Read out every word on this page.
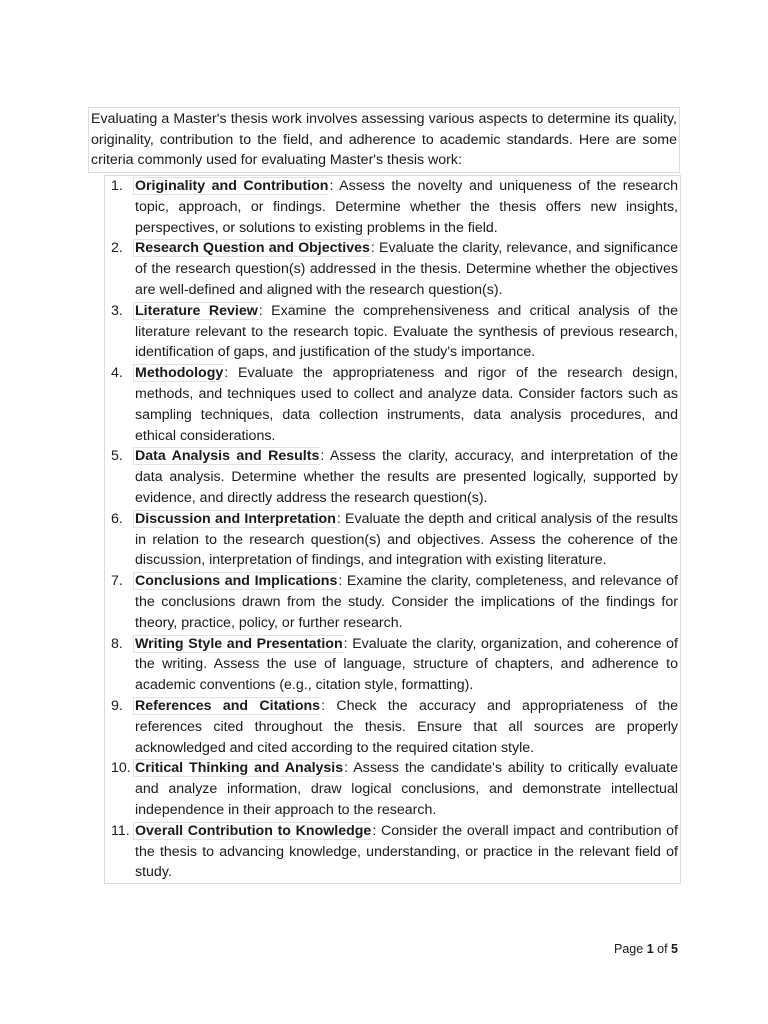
Evaluating a Master's thesis work involves assessing various aspects to determine its quality, originality, contribution to the field, and adherence to academic standards. Here are some criteria commonly used for evaluating Master's thesis work:

1. Originality and Contribution: Assess the novelty and uniqueness of the research topic, approach, or findings. Determine whether the thesis offers new insights, perspectives, or solutions to existing problems in the field.
2. Research Question and Objectives: Evaluate the clarity, relevance, and significance of the research question(s) addressed in the thesis. Determine whether the objectives are well-defined and aligned with the research question(s).
3. Literature Review: Examine the comprehensiveness and critical analysis of the literature relevant to the research topic. Evaluate the synthesis of previous research, identification of gaps, and justification of the study's importance.
4. Methodology: Evaluate the appropriateness and rigor of the research design, methods, and techniques used to collect and analyze data. Consider factors such as sampling techniques, data collection instruments, data analysis procedures, and ethical considerations.
5. Data Analysis and Results: Assess the clarity, accuracy, and interpretation of the data analysis. Determine whether the results are presented logically, supported by evidence, and directly address the research question(s).
6. Discussion and Interpretation: Evaluate the depth and critical analysis of the results in relation to the research question(s) and objectives. Assess the coherence of the discussion, interpretation of findings, and integration with existing literature.
7. Conclusions and Implications: Examine the clarity, completeness, and relevance of the conclusions drawn from the study. Consider the implications of the findings for theory, practice, policy, or further research.
8. Writing Style and Presentation: Evaluate the clarity, organization, and coherence of the writing. Assess the use of language, structure of chapters, and adherence to academic conventions (e.g., citation style, formatting).
9. References and Citations: Check the accuracy and appropriateness of the references cited throughout the thesis. Ensure that all sources are properly acknowledged and cited according to the required citation style.
10. Critical Thinking and Analysis: Assess the candidate's ability to critically evaluate and analyze information, draw logical conclusions, and demonstrate intellectual independence in their approach to the research.
11. Overall Contribution to Knowledge: Consider the overall impact and contribution of the thesis to advancing knowledge, understanding, or practice in the relevant field of study.
Page 1 of 5
